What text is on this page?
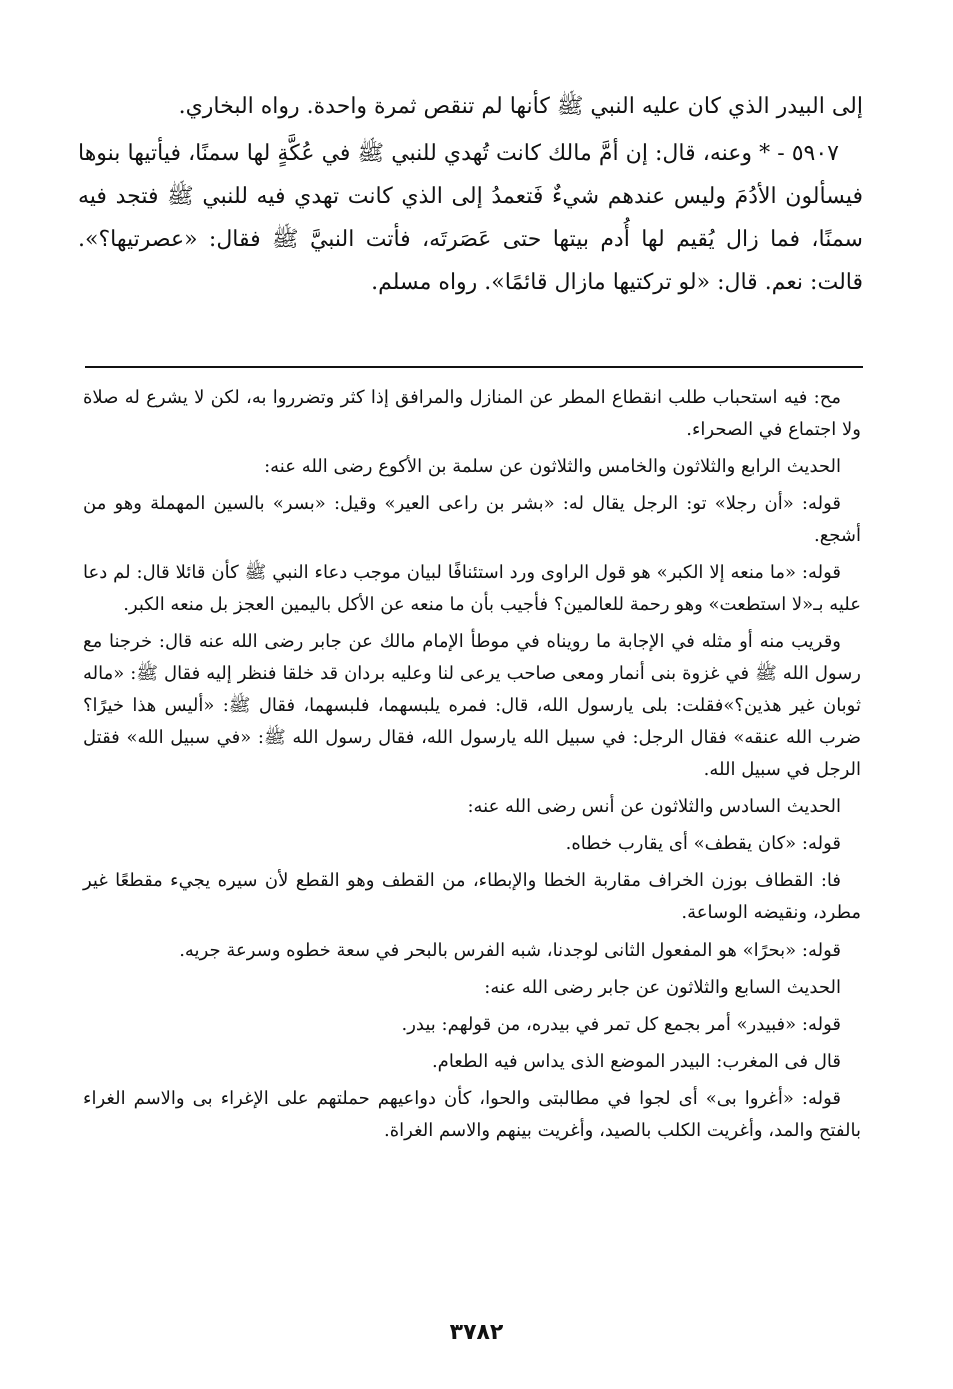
إلى البيدر الذي كان عليه النبي ﷺ كأنها لم تنقص ثمرة واحدة. رواه البخاري.

٥٩٠٧ - * وعنه، قال: إن أمَّ مالك كانت تُهدي للنبي ﷺ في عُكَّةٍ لها سمنًا، فيأتيها بنوها فيسألون الأدُمَ وليس عندهم شيءٌ فَتعمدُ إلى الذي كانت تهدي فيه للنبي ﷺ فتجد فيه سمنًا، فما زال يُقيم لها أُدم بيتها حتى عَصَرتَه، فأتت النبيَّ ﷺ فقال: «عصرتيها؟». قالت: نعم. قال: «لو تركتيها مازال قائمًا». رواه مسلم.

مح: فيه استحباب طلب انقطاع المطر عن المنازل والمرافق إذا كثر وتضرروا به، لكن لا يشرع له صلاة ولا اجتماع في الصحراء.

الحديث الرابع والثلاثون والخامس والثلاثون عن سلمة بن الأكوع رضى الله عنه:

قوله: «أن رجلا» تو: الرجل يقال له: «بشر بن راعى العير» وقيل: «بسر» بالسين المهملة وهو من أشجع.

قوله: «ما منعه إلا الكبر» هو قول الراوى ورد استئنافًا لبيان موجب دعاء النبي ﷺ كأن قائلا قال: لم دعا عليه بـ«لا استطعت» وهو رحمة للعالمين؟ فأجيب بأن ما منعه عن الأكل باليمين العجز بل منعه الكبر.

وقريب منه أو مثله في الإجابة ما رويناه في موطأ الإمام مالك عن جابر رضى الله عنه قال: خرجنا مع رسول الله ﷺ في غزوة بنى أنمار ومعى صاحب يرعى لنا وعليه بردان قد خلقا فنظر إليه فقال ﷺ: «ماله ثوبان غير هذين؟»فقلت: بلى يارسول الله، قال: فمره يلبسهما، فلبسهما، فقال ﷺ: «أليس هذا خيرًا؟ ضرب الله عنقه» فقال الرجل: في سبيل الله يارسول الله، فقال رسول الله ﷺ: «في سبيل الله» فقتل الرجل في سبيل الله.

الحديث السادس والثلاثون عن أنس رضى الله عنه:

قوله: «كان يقطف» أى يقارب خطاه.

فا: القطاف بوزن الخراف مقاربة الخطا والإبطاء، من القطف وهو القطع لأن سيره يجيء مقطعًا غير مطرد، ونقيضه الوساعة.

قوله: «بحرًا» هو المفعول الثانى لوجدنا، شبه الفرس بالبحر في سعة خطوه وسرعة جريه.

الحديث السابع والثلاثون عن جابر رضى الله عنه:

قوله: «فبيدر» أمر بجمع كل تمر في بيدره، من قولهم: بيدر.

قال فى المغرب: البيدر الموضع الذى يداس فيه الطعام.

قوله: «أغروا بى» أى لجوا في مطالبتى والحوا، كأن دواعيهم حملتهم على الإغراء بى والاسم الغراء بالفتح والمد، وأغريت الكلب بالصيد، وأغريت بينهم والاسم الغراة.

٣٧٨٢
